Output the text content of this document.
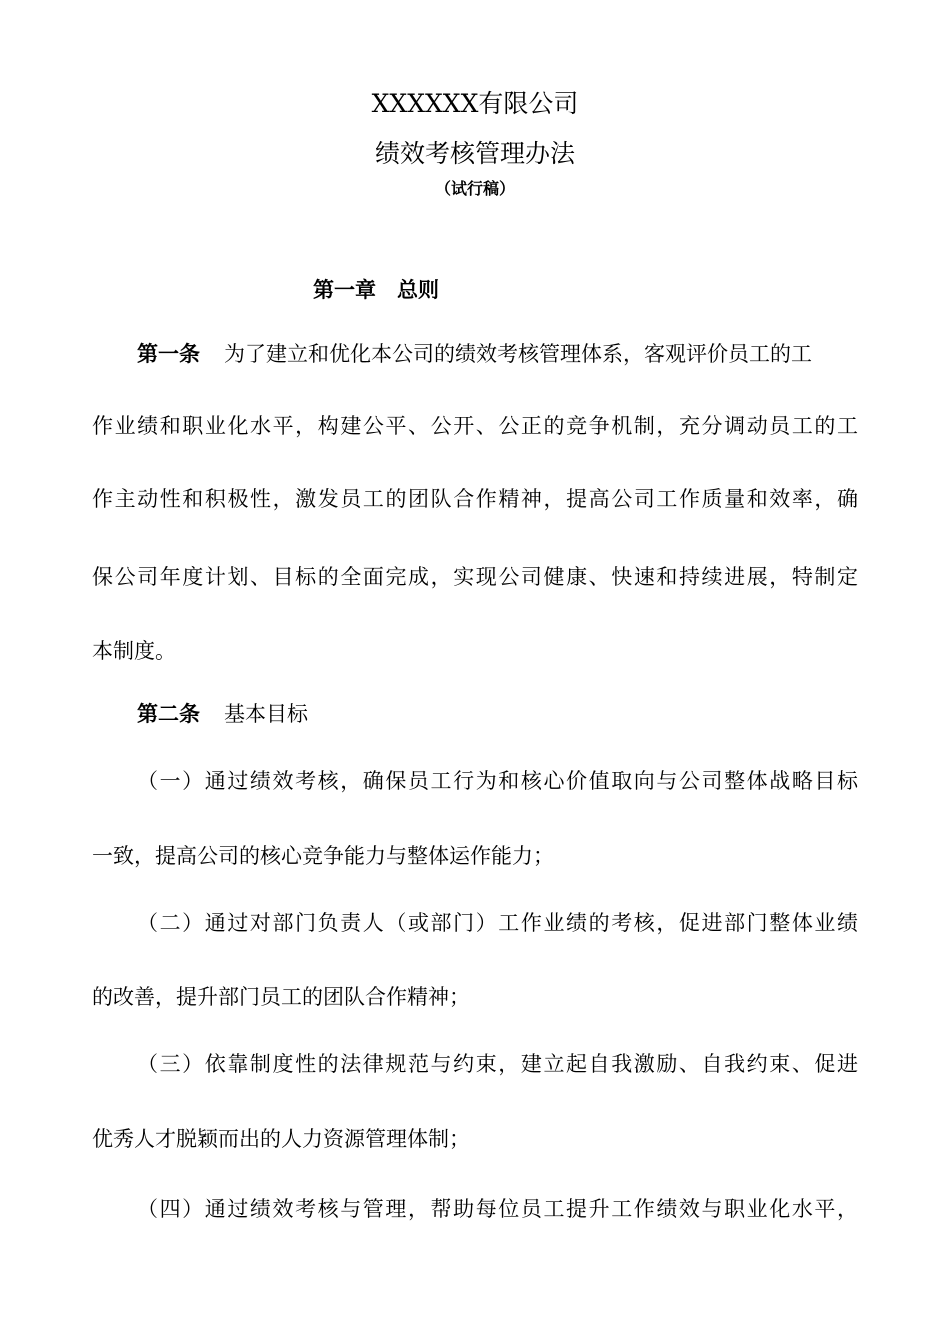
XXXXXX有限公司
绩效考核管理办法
（试行稿）
第一章　总则
第一条 为了建立和优化本公司的绩效考核管理体系，客观评价员工的工
作业绩和职业化水平，构建公平、公开、公正的竞争机制，充分调动员工的工
作主动性和积极性，激发员工的团队合作精神，提高公司工作质量和效率，确
保公司年度计划、目标的全面完成，实现公司健康、快速和持续进展，特制定
本制度。
第二条 基本目标
（一）通过绩效考核，确保员工行为和核心价值取向与公司整体战略目标
一致，提高公司的核心竞争能力与整体运作能力；
（二）通过对部门负责人（或部门）工作业绩的考核，促进部门整体业绩
的改善，提升部门员工的团队合作精神；
（三）依靠制度性的法律规范与约束，建立起自我激励、自我约束、促进
优秀人才脱颖而出的人力资源管理体制；
（四）通过绩效考核与管理，帮助每位员工提升工作绩效与职业化水平，
